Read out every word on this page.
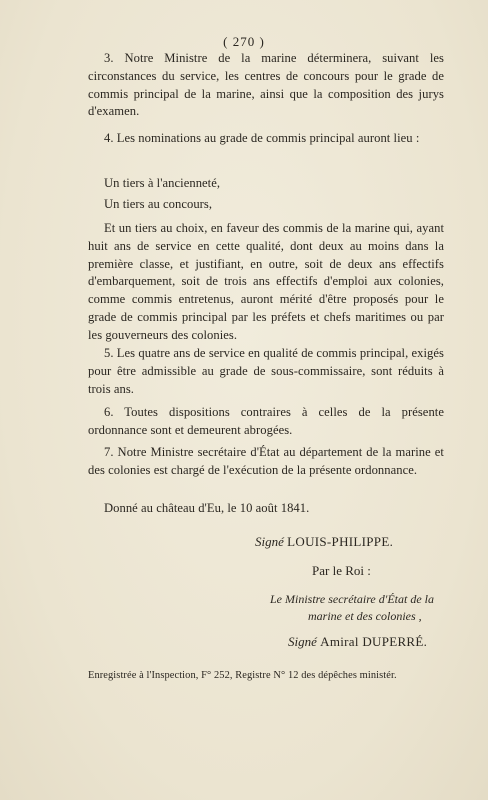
( 270 )

3. Notre Ministre de la marine déterminera, suivant les circonstances du service, les centres de concours pour le grade de commis principal de la marine, ainsi que la composition des jurys d'examen.

4. Les nominations au grade de commis principal auront lieu :

Un tiers à l'ancienneté,

Un tiers au concours,

Et un tiers au choix, en faveur des commis de la marine qui, ayant huit ans de service en cette qualité, dont deux au moins dans la première classe, et justifiant, en outre, soit de deux ans effectifs d'embarquement, soit de trois ans effectifs d'emploi aux colonies, comme commis entretenus, auront mérité d'être proposés pour le grade de commis principal par les préfets et chefs maritimes ou par les gouverneurs des colonies.

5. Les quatre ans de service en qualité de commis principal, exigés pour être admissible au grade de sous-commissaire, sont réduits à trois ans.

6. Toutes dispositions contraires à celles de la présente ordonnance sont et demeurent abrogées.

7. Notre Ministre secrétaire d'État au département de la marine et des colonies est chargé de l'exécution de la présente ordonnance.

Donné au château d'Eu, le 10 août 1841.

Signé LOUIS-PHILIPPE.
Par le Roi :
Le Ministre secrétaire d'État de la
marine et des colonies ,
Signé Amiral DUPERRÉ.
Enregistrée à l'Inspection, F° 252, Registre N° 12 des dépêches ministér.
